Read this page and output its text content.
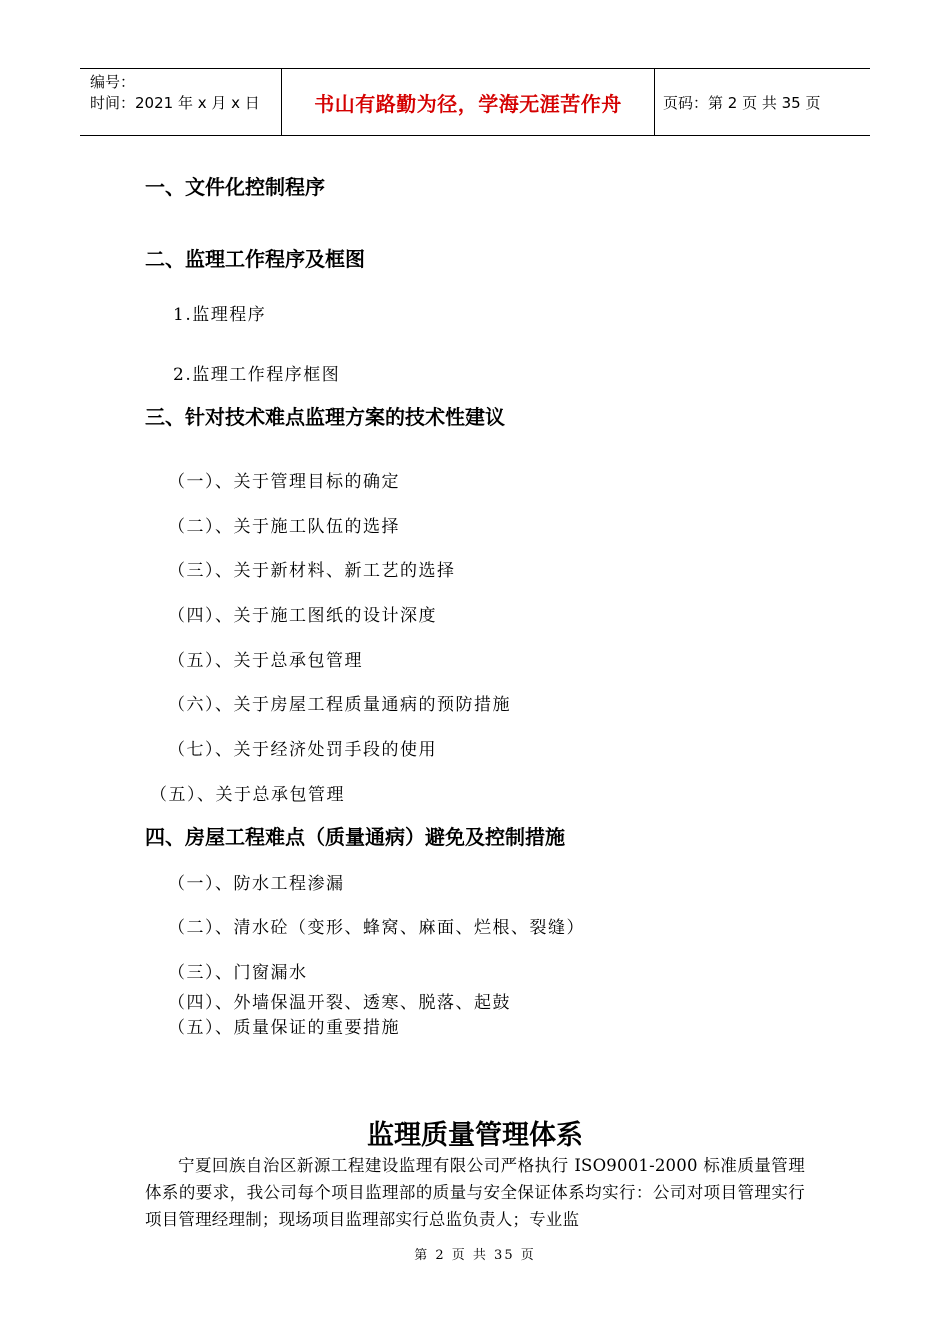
编号：
时间：2021 年 x 月 x 日	书山有路勤为径，学海无涯苦作舟	页码：第 2 页 共 35 页
一、文件化控制程序
二、监理工作程序及框图
1.监理程序
2.监理工作程序框图
三、针对技术难点监理方案的技术性建议
（一）、关于管理目标的确定
（二）、关于施工队伍的选择
（三）、关于新材料、新工艺的选择
（四）、关于施工图纸的设计深度
（五）、关于总承包管理
（六）、关于房屋工程质量通病的预防措施
（七）、关于经济处罚手段的使用
（五）、关于总承包管理
四、房屋工程难点（质量通病）避免及控制措施
（一）、防水工程渗漏
（二）、清水砼（变形、蜂窝、麻面、烂根、裂缝）
（三）、门窗漏水
（四）、外墙保温开裂、透寒、脱落、起鼓
（五）、质量保证的重要措施
监理质量管理体系
宁夏回族自治区新源工程建设监理有限公司严格执行 ISO9001-2000 标准质量管理体系的要求，我公司每个项目监理部的质量与安全保证体系均实行：公司对项目管理实行项目管理经理制；现场项目监理部实行总监负责人；专业监
第 2 页 共 35 页
